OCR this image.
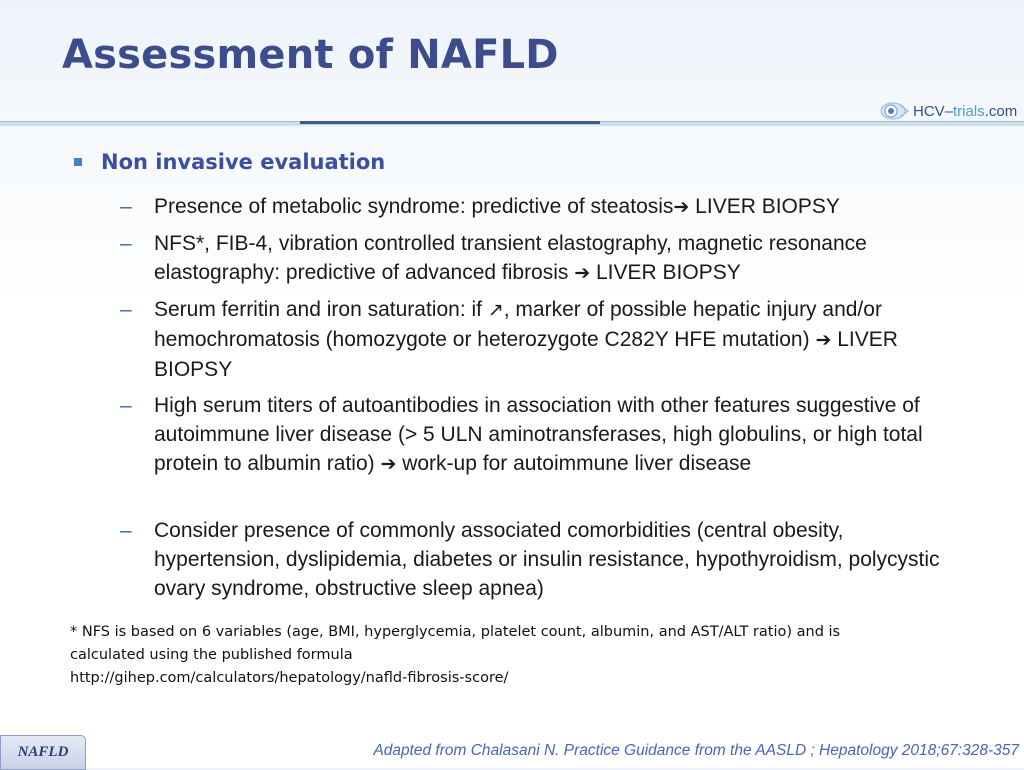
Assessment of NAFLD
HCV–trials.com
Non invasive evaluation
– Presence of metabolic syndrome: predictive of steatosis➔ LIVER BIOPSY
– NFS*, FIB-4, vibration controlled transient elastography, magnetic resonance elastography: predictive of advanced fibrosis ➔ LIVER BIOPSY
– Serum ferritin and iron saturation: if ↗, marker of possible hepatic injury and/or hemochromatosis (homozygote or heterozygote C282Y HFE mutation) ➔ LIVER BIOPSY
– High serum titers of autoantibodies in association with other features suggestive of autoimmune liver disease (> 5 ULN aminotransferases, high globulins, or high total protein to albumin ratio) ➔ work-up for autoimmune liver disease
– Consider presence of commonly associated comorbidities (central obesity, hypertension, dyslipidemia, diabetes or insulin resistance, hypothyroidism, polycystic ovary syndrome, obstructive sleep apnea)
* NFS is based on 6 variables (age, BMI, hyperglycemia, platelet count, albumin, and AST/ALT ratio) and is
calculated using the published formula
http://gihep.com/calculators/hepatology/nafld-fibrosis-score/
NAFLD	Adapted from Chalasani N. Practice Guidance from the AASLD ; Hepatology 2018;67:328-357
